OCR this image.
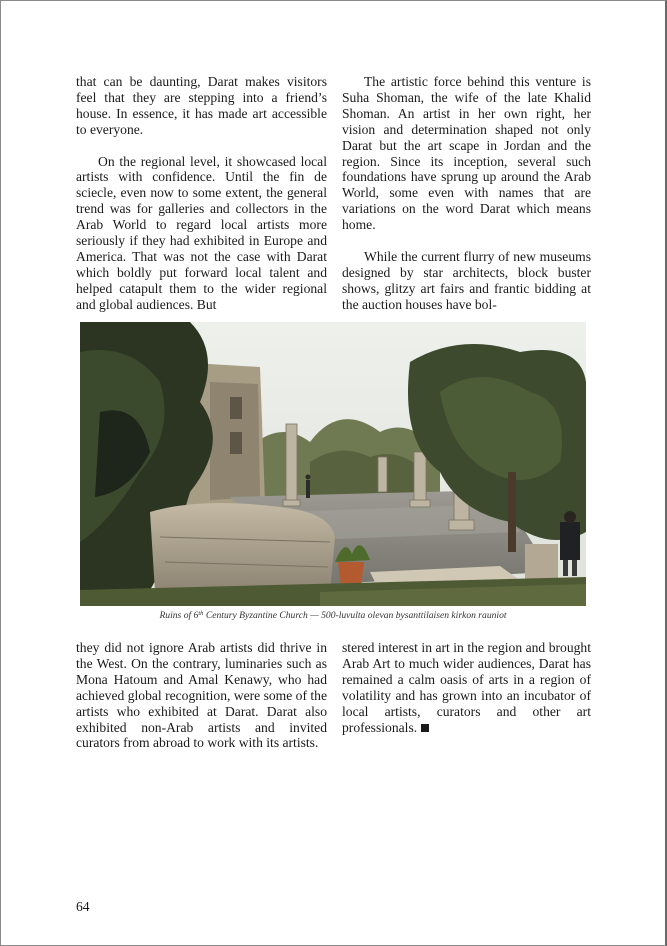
that can be daunting, Darat makes visitors feel that they are stepping into a friend’s house. In essence, it has made art accessible to everyone.

On the regional level, it showcased local artists with confidence. Until the fin de sciecle, even now to some extent, the general trend was for galleries and collectors in the Arab World to regard local artists more seriously if they had exhibited in Europe and America. That was not the case with Darat which boldly put forward local talent and helped catapult them to the wider regional and global audiences. But

The artistic force behind this venture is Suha Shoman, the wife of the late Khalid Shoman. An artist in her own right, her vision and determination shaped not only Darat but the art scape in Jordan and the region. Since its inception, several such foundations have sprung up around the Arab World, some even with names that are variations on the word Darat which means home.

While the current flurry of new museums designed by star architects, block buster shows, glitzy art fairs and frantic bidding at the auction houses have bol-

Ruins of 6th Century Byzantine Church — 500-luvulta olevan bysanttilaisen kirkon rauniot

they did not ignore Arab artists did thrive in the West. On the contrary, luminaries such as Mona Hatoum and Amal Kenawy, who had achieved global recognition, were some of the artists who exhibited at Darat. Darat also exhibited non-Arab artists and invited curators from abroad to work with its artists.

stered interest in art in the region and brought Arab Art to much wider audiences, Darat has remained a calm oasis of arts in a region of volatility and has grown into an incubator of local artists, curators and other art professionals.

64
